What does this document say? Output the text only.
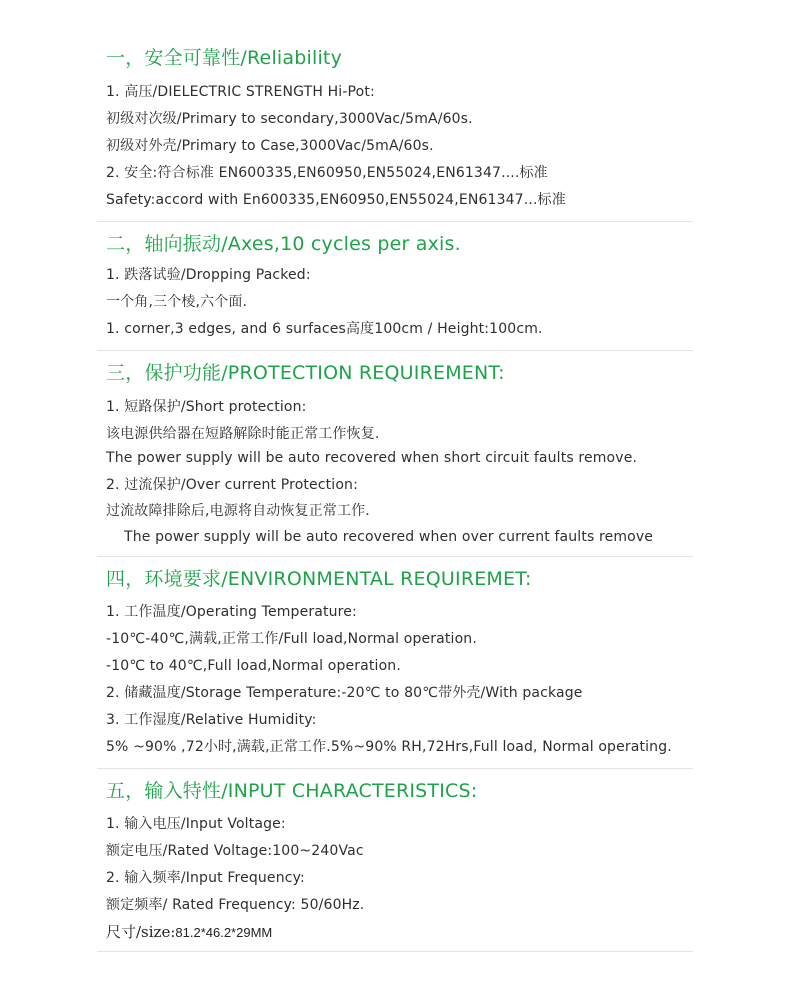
一，安全可靠性/Reliability
1. 高压/DIELECTRIC STRENGTH Hi-Pot:
初级对次级/Primary to secondary,3000Vac/5mA/60s.
初级对外壳/Primary to Case,3000Vac/5mA/60s.
2. 安全:符合标准 EN600335,EN60950,EN55024,EN61347....标准
Safety:accord with En600335,EN60950,EN55024,EN61347...标准
二，轴向振动/Axes,10 cycles per axis.
1. 跌落试验/Dropping Packed:
一个角,三个棱,六个面.
1. corner,3 edges, and 6 surfaces高度100cm / Height:100cm.
三，保护功能/PROTECTION REQUIREMENT:
1. 短路保护/Short protection:
该电源供给器在短路解除时能正常工作恢复.
The power supply will be auto recovered when short circuit faults remove.
2. 过流保护/Over current Protection:
过流故障排除后,电源将自动恢复正常工作.
The power supply will be auto recovered when over current faults remove
四，环境要求/ENVIRONMENTAL REQUIREMET:
1. 工作温度/Operating Temperature:
-10℃-40℃,满载,正常工作/Full load,Normal operation.
-10℃ to 40℃,Full load,Normal operation.
2. 储藏温度/Storage Temperature:-20℃ to 80℃带外壳/With package
3. 工作湿度/Relative Humidity:
5% ~90% ,72小时,满载,正常工作.5%~90% RH,72Hrs,Full load, Normal operating.
五，输入特性/INPUT CHARACTERISTICS:
1. 输入电压/Input Voltage:
额定电压/Rated Voltage:100~240Vac
2. 输入频率/Input Frequency:
额定频率/ Rated Frequency: 50/60Hz.
尺寸/size:81.2*46.2*29MM
